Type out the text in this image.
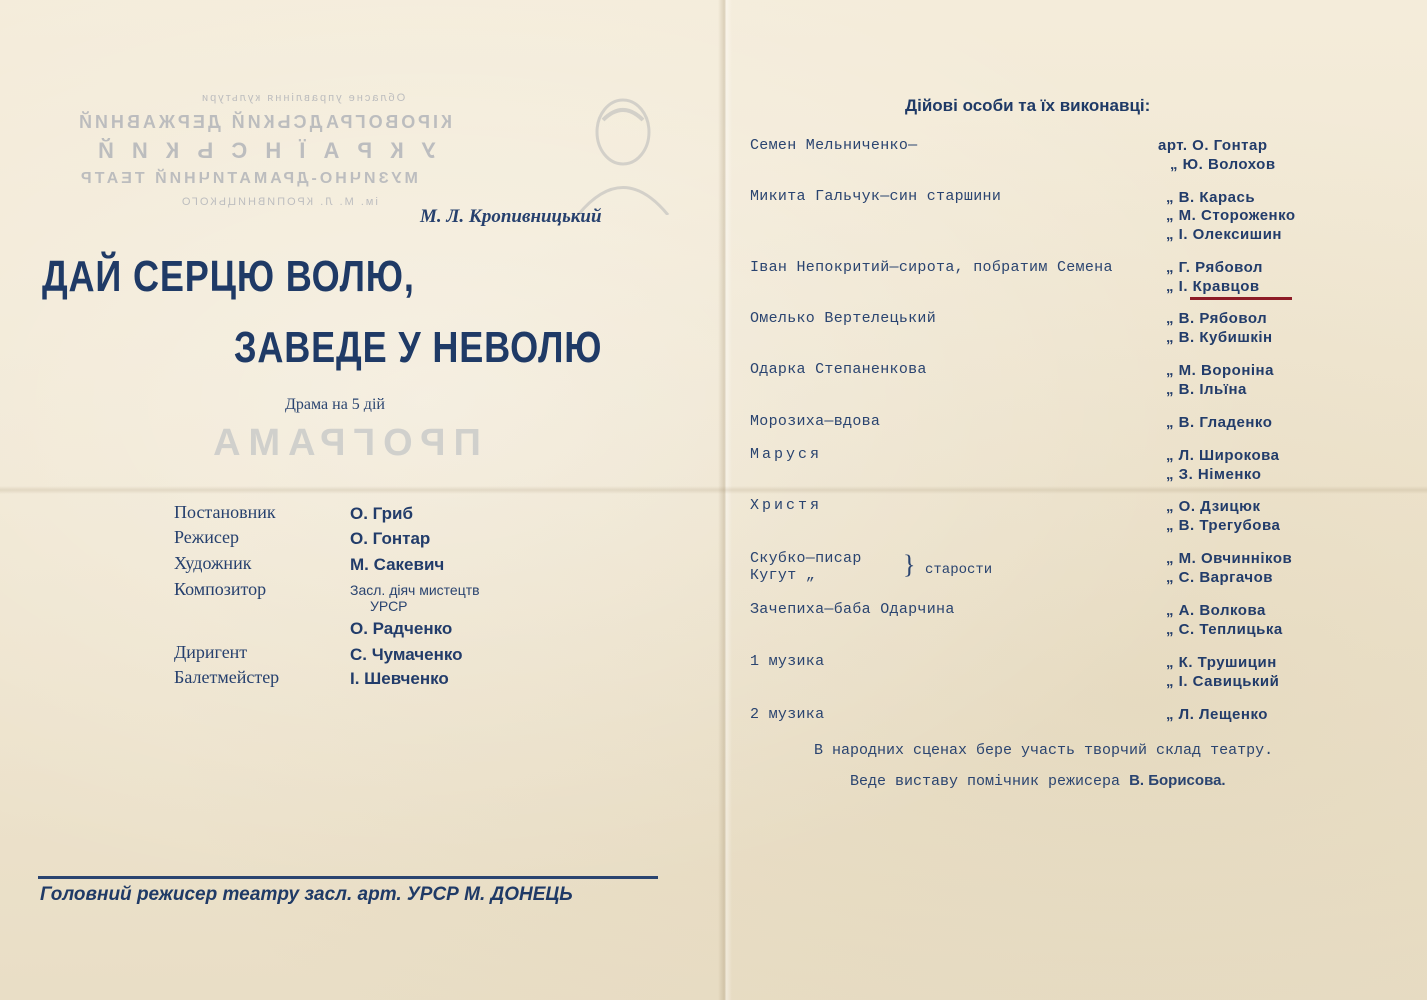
Обласне управління культури
КІРОВОГРАДСЬКИЙ ДЕРЖАВНИЙ
У К Р А Ї Н С Ь К И Й
МУЗИЧНО-ДРАМАТИЧНИЙ ТЕАТР
ім. М. Л. КРОПИВНИЦЬКОГО
ПРОГРАМА
М. Л. Кропивницький
ДАЙ СЕРЦЮ ВОЛЮ,
ЗАВЕДЕ У НЕВОЛЮ
Драма на 5 дій
Постановник	О. Гриб
Режисер	О. Гонтар
Художник	М. Сакевич
Композитор	Засл. діяч мистецтв
УРСР
О. Радченко
Диригент	С. Чумаченко
Балетмейстер	І. Шевченко
Головний режисер театру засл. арт. УРСР М. ДОНЕЦЬ
Дійові особи та їх виконавці:
Семен Мельниченко—	арт. О. Гонтар
„ Ю. Волохов
Микита Гальчук—син старшини	„ В. Карась
„ М. Стороженко
„ І. Олексишин
Іван Непокритий—сирота, побратим Семена	„ Г. Рябовол
„ І. Кравцов
Омелько Вертелецький	„ В. Рябовол
„ В. Кубишкін
Одарка Степаненкова	„ М. Вороніна
„ В. Ільїна
Морозиха—вдова	„ В. Гладенко
Маруся	„ Л. Широкова
„ З. Німенко
Христя	„ О. Дзицюк
„ В. Трегубова
Скубко—писар
Кугут „	} старости
„ М. Овчинніков
„ С. Варгачов
Зачепиха—баба Одарчина	„ А. Волкова
„ С. Теплицька
1 музика	„ К. Трушицин
„ І. Савицький
2 музика	„ Л. Лещенко
В народних сценах бере участь творчий склад театру.
Веде виставу помічник режисера В. Борисова.
